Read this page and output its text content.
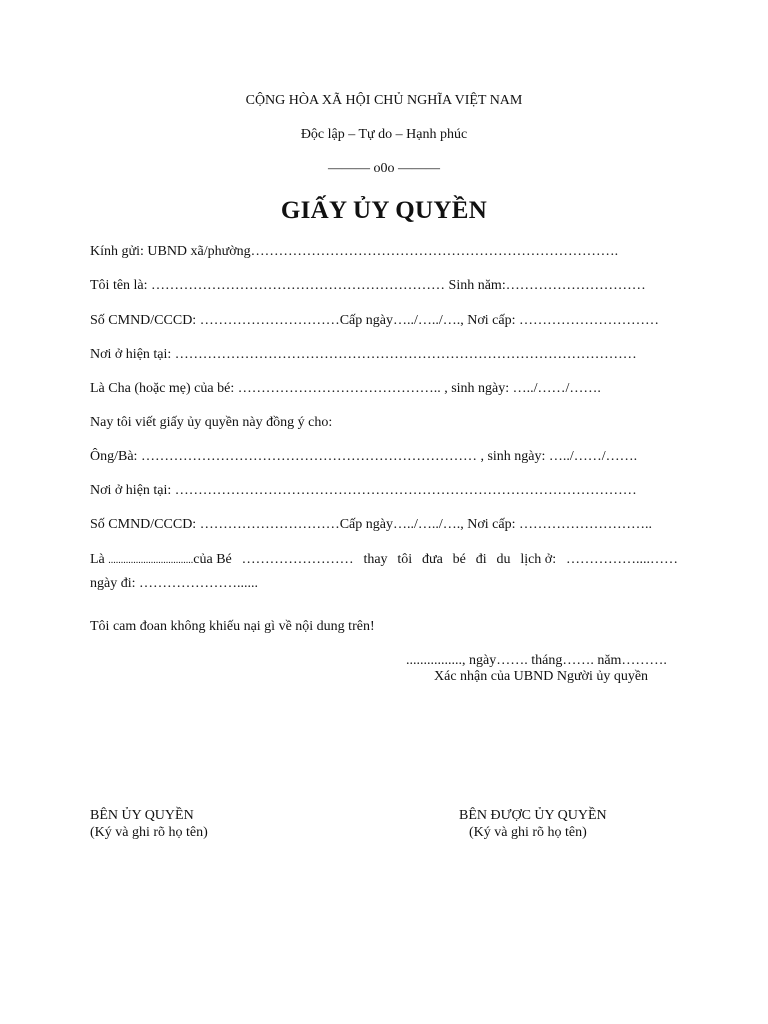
CỘNG HÒA XÃ HỘI CHỦ NGHĨA VIỆT NAM
Độc lập – Tự do – Hạnh phúc
——— o0o ———
GIẤY ỦY QUYỀN
Kính gửi: UBND xã/phường…………………………………………………………………….
Tôi tên là: ……………………………………………………… Sinh năm:…………………………
Số CMND/CCCD: …………………………Cấp ngày…../…../…., Nơi cấp: …………………………
Nơi ở hiện tại: ………………………………………………………………………………………
Là Cha (hoặc mẹ) của bé: …………………………………….. , sinh ngày: …../……/…….
Nay tôi viết giấy ủy quyền này đồng ý cho:
Ông/Bà: ……………………………………………………………… , sinh ngày: …../……/…….
Nơi ở hiện tại: ………………………………………………………………………………………
Số CMND/CCCD: …………………………Cấp ngày…../…../…., Nơi cấp: ………………………..
Là ..................................của Bé …………………… thay tôi đưa bé đi du lịch ở: ……………....……
ngày đi: …………………......
Tôi cam đoan không khiếu nại gì về nội dung trên!
................, ngày……. tháng……. năm……….
Xác nhận của UBND Người ủy quyền
BÊN ỦY QUYỀN
(Ký và ghi rõ họ tên)
BÊN ĐƯỢC ỦY QUYỀN
(Ký và ghi rõ họ tên)
